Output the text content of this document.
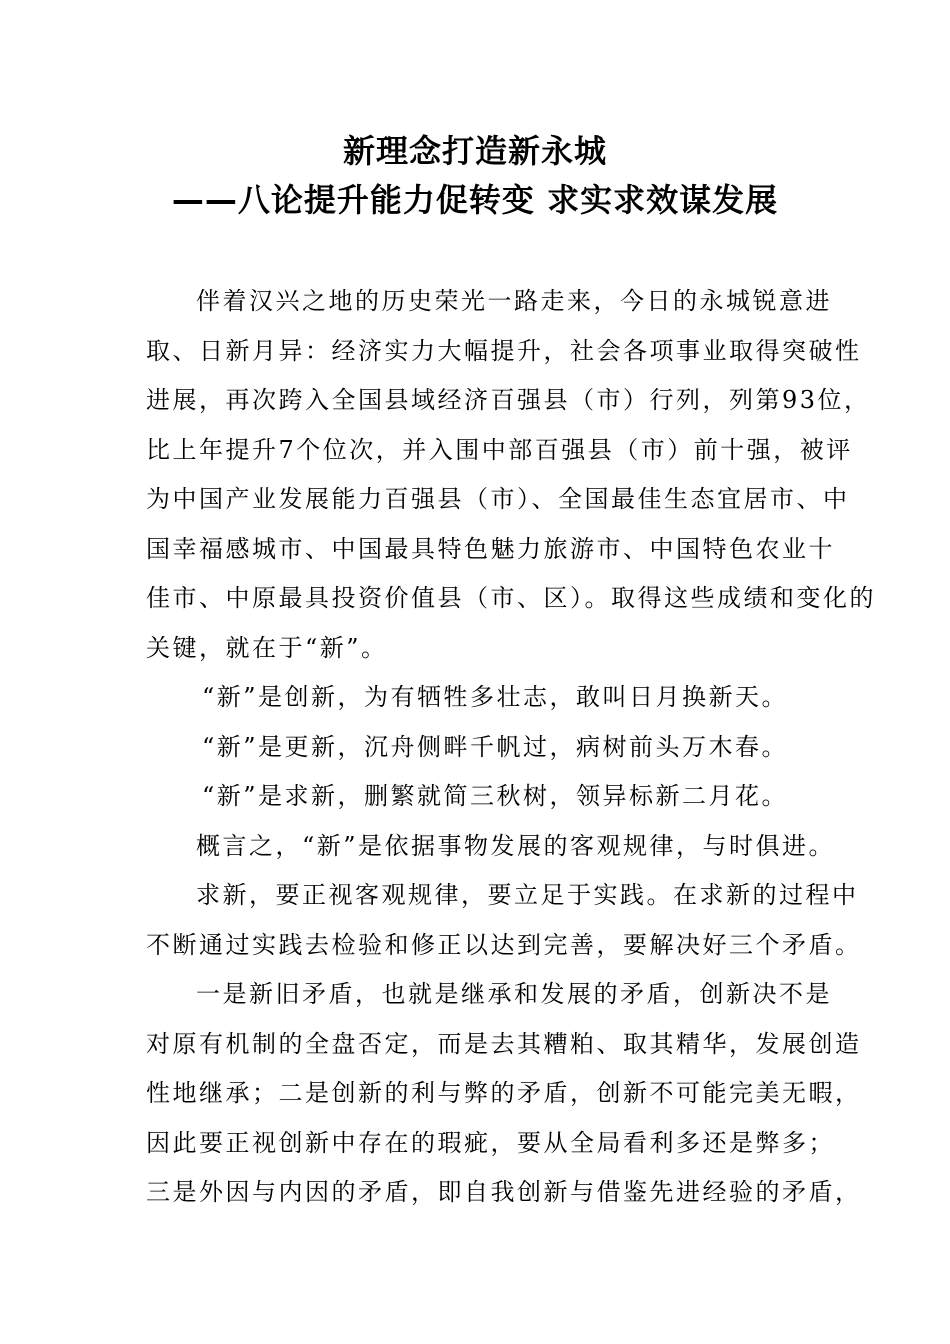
新理念打造新永城
——八论提升能力促转变 求实求效谋发展
伴着汉兴之地的历史荣光一路走来，今日的永城锐意进
取、日新月异：经济实力大幅提升，社会各项事业取得突破性
进展，再次跨入全国县域经济百强县（市）行列，列第93位，
比上年提升7个位次，并入围中部百强县（市）前十强，被评
为中国产业发展能力百强县（市）、全国最佳生态宜居市、中
国幸福感城市、中国最具特色魅力旅游市、中国特色农业十
佳市、中原最具投资价值县（市、区）。取得这些成绩和变化的
关键，就在于“新”。
“新”是创新，为有牺牲多壮志，敢叫日月换新天。
“新”是更新，沉舟侧畔千帆过，病树前头万木春。
“新”是求新，删繁就简三秋树，领异标新二月花。
概言之，“新”是依据事物发展的客观规律，与时俱进。
求新，要正视客观规律，要立足于实践。在求新的过程中
不断通过实践去检验和修正以达到完善，要解决好三个矛盾。
一是新旧矛盾，也就是继承和发展的矛盾，创新决不是
对原有机制的全盘否定，而是去其糟粕、取其精华，发展创造
性地继承；二是创新的利与弊的矛盾，创新不可能完美无暇，
因此要正视创新中存在的瑕疵，要从全局看利多还是弊多；
三是外因与内因的矛盾，即自我创新与借鉴先进经验的矛盾，
